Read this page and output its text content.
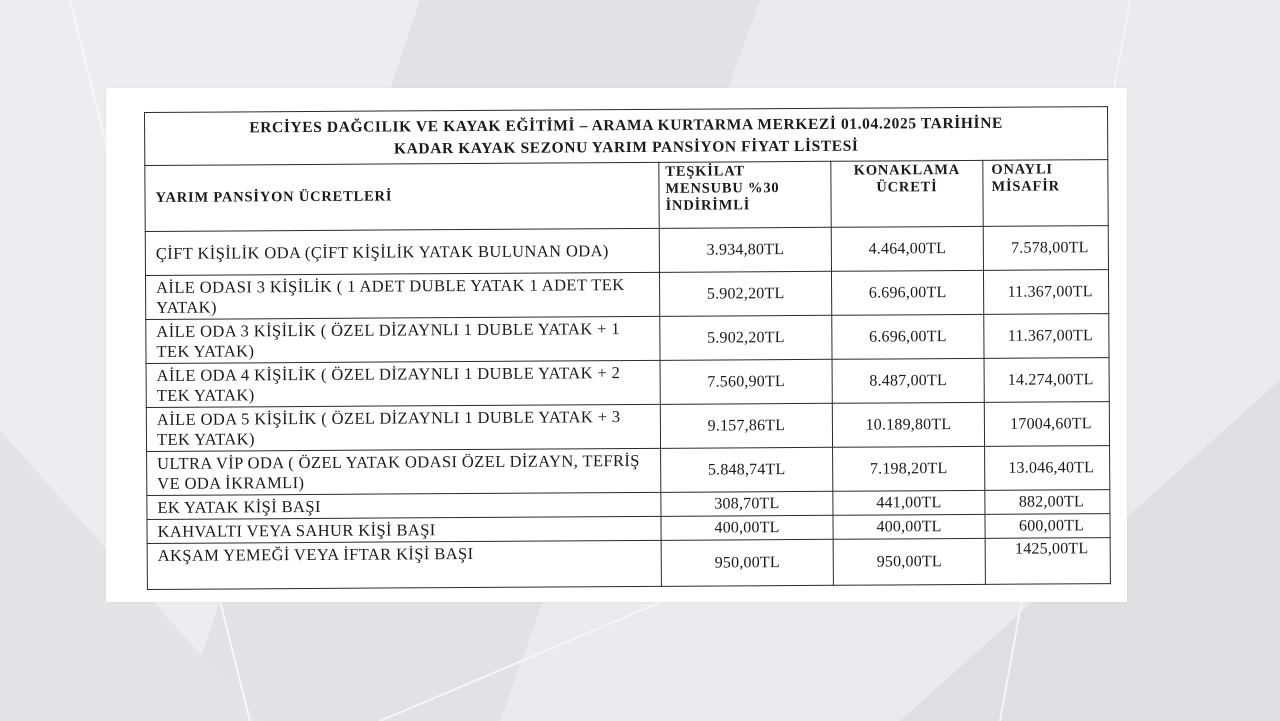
ERCİYES DAĞCILIK VE KAYAK EĞİTİMİ – ARAMA KURTARMA MERKEZİ 01.04.2025 TARİHİNE
KADAR KAYAK SEZONU YARIM PANSİYON FİYAT LİSTESİ			
YARIM PANSİYON ÜCRETLERİ	TEŞKİLAT MENSUBU %30 İNDİRİMLİ	KONAKLAMA ÜCRETİ	ONAYLI MİSAFİR
ÇİFT KİŞİLİK ODA (ÇİFT KİŞİLİK YATAK BULUNAN ODA)	3.934,80TL	4.464,00TL	7.578,00TL
AİLE ODASI 3 KİŞİLİK ( 1 ADET DUBLE YATAK 1 ADET TEK YATAK)	5.902,20TL	6.696,00TL	11.367,00TL
AİLE ODA 3 KİŞİLİK ( ÖZEL DİZAYNLI 1 DUBLE YATAK + 1 TEK YATAK)	5.902,20TL	6.696,00TL	11.367,00TL
AİLE ODA 4 KİŞİLİK ( ÖZEL DİZAYNLI 1 DUBLE YATAK + 2 TEK YATAK)	7.560,90TL	8.487,00TL	14.274,00TL
AİLE ODA 5 KİŞİLİK ( ÖZEL DİZAYNLI 1 DUBLE YATAK + 3 TEK YATAK)	9.157,86TL	10.189,80TL	17004,60TL
ULTRA VİP ODA ( ÖZEL YATAK ODASI ÖZEL DİZAYN, TEFRİŞ VE ODA İKRAMLI)	5.848,74TL	7.198,20TL	13.046,40TL
EK YATAK KİŞİ BAŞI	308,70TL	441,00TL	882,00TL
KAHVALTI VEYA SAHUR KİŞİ BAŞI	400,00TL	400,00TL	600,00TL
AKŞAM YEMEĞİ VEYA İFTAR KİŞİ BAŞI	950,00TL	950,00TL	1425,00TL
